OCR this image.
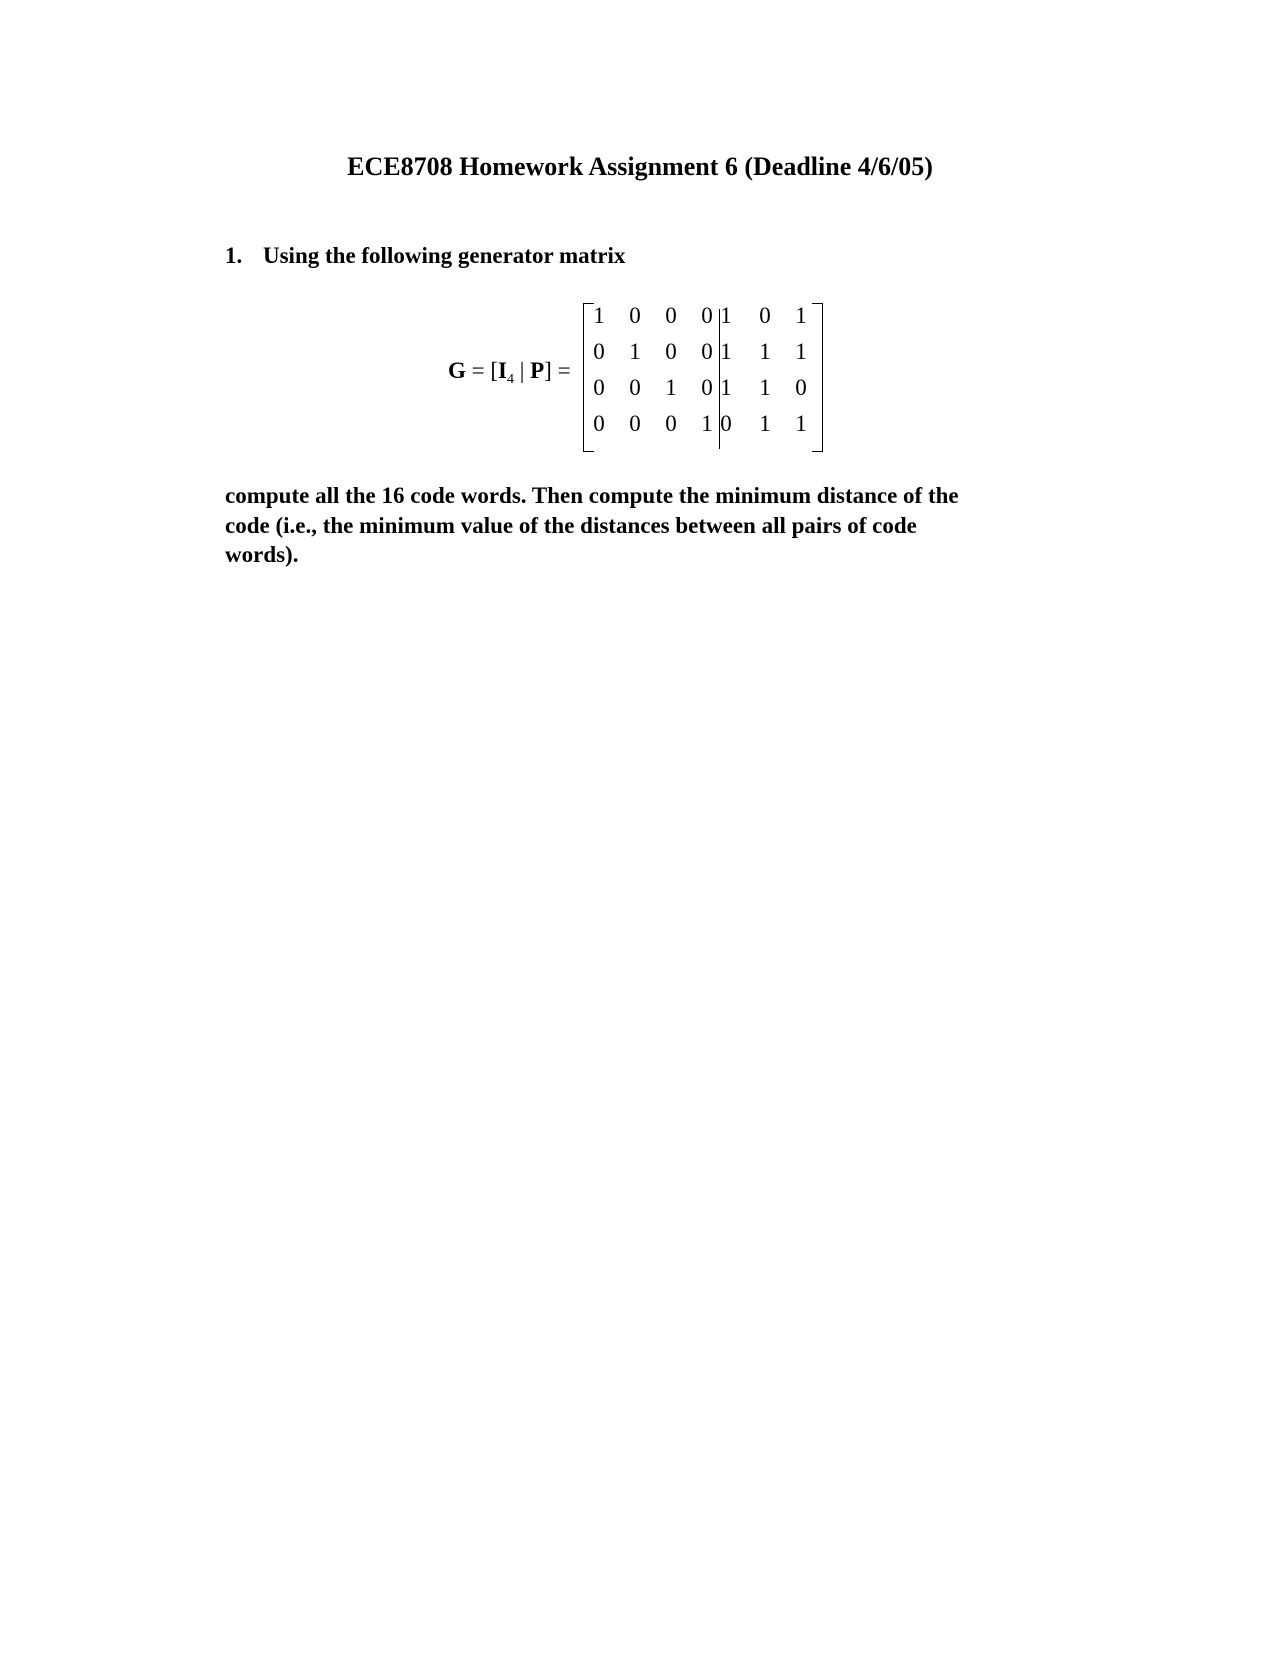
ECE8708 Homework Assignment 6 (Deadline 4/6/05)
1. Using the following generator matrix
$G = [I_4$ | P] =
1 0 0 0 1 0 1
0 1 0 0 1 1 1
0 0 1 0 1 1 0
0 0 0 1 0 1 1
compute all the 16 code words. Then compute the minimum distance of the
code (i.e., the minimum value of the distances between all pairs of code
words).
